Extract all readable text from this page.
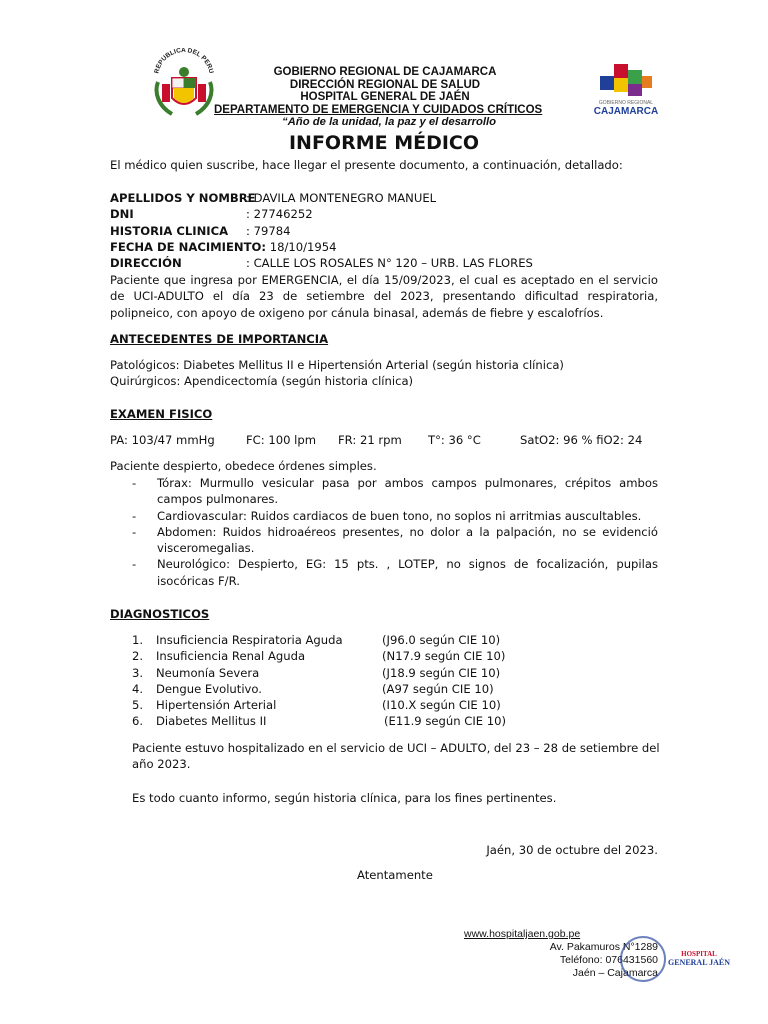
REPUBLICA DEL PERU	GOBIERNO REGIONAL DE CAJAMARCA
DIRECCIÓN REGIONAL DE SALUD
HOSPITAL GENERAL DE JAÉN
DEPARTAMENTO DE EMERGENCIA Y CUIDADOS CRÍTICOS
“Año de la unidad, la paz y el desarrollo
GOBIERNO REGIONAL
CAJAMARCA
INFORME MÉDICO
El médico quien suscribe, hace llegar el presente documento, a continuación, detallado:
APELLIDOS Y NOMBRE
: DAVILA MONTENEGRO MANUEL
DNI	: 27746252
HISTORIA CLINICA : 79784
FECHA DE NACIMIENTO: 18/10/1954
DIRECCIÓN	: CALLE LOS ROSALES N° 120 – URB. LAS FLORES
Paciente que ingresa por EMERGENCIA, el día 15/09/2023, el cual es aceptado en el servicio de UCI-ADULTO el día 23 de setiembre del 2023, presentando dificultad respiratoria, polipneico, con apoyo de oxigeno por cánula binasal, además de fiebre y escalofríos.
ANTECEDENTES DE IMPORTANCIA
Patológicos: Diabetes Mellitus II e Hipertensión Arterial (según historia clínica)
Quirúrgicos: Apendicectomía (según historia clínica)
EXAMEN FISICO
PA: 103/47 mmHg	FC: 100 lpm FR: 21 rpm T°: 36 °C	SatO2: 96 % fiO2: 24
Paciente despierto, obedece órdenes simples.
- Tórax: Murmullo vesicular pasa por ambos campos pulmonares, crépitos ambos campos pulmonares.
- Cardiovascular: Ruidos cardiacos de buen tono, no soplos ni arritmias auscultables.
- Abdomen: Ruidos hidroaéreos presentes, no dolor a la palpación, no se evidenció visceromegalias.
- Neurológico: Despierto, EG: 15 pts. , LOTEP, no signos de focalización, pupilas isocóricas F/R.
DIAGNOSTICOS
1. Insuficiencia Respiratoria Aguda	(J96.0 según CIE 10)
2. Insuficiencia Renal Aguda	(N17.9 según CIE 10)
3. Neumonía Severa	(J18.9 según CIE 10)
4. Dengue Evolutivo.	(A97 según CIE 10)
5. Hipertensión Arterial	(I10.X según CIE 10)
6. Diabetes Mellitus II	(E11.9 según CIE 10)
Paciente estuvo hospitalizado en el servicio de UCI – ADULTO, del 23 – 28 de setiembre del año 2023.
Es todo cuanto informo, según historia clínica, para los fines pertinentes.
Jaén, 30 de octubre del 2023.
Atentamente
www.hospitaljaen.gob.pe
Av. Pakamuros N°1289
Teléfono: 076431560
Jaén – Cajamarca
HOSPITAL
GENERAL JAÉN
